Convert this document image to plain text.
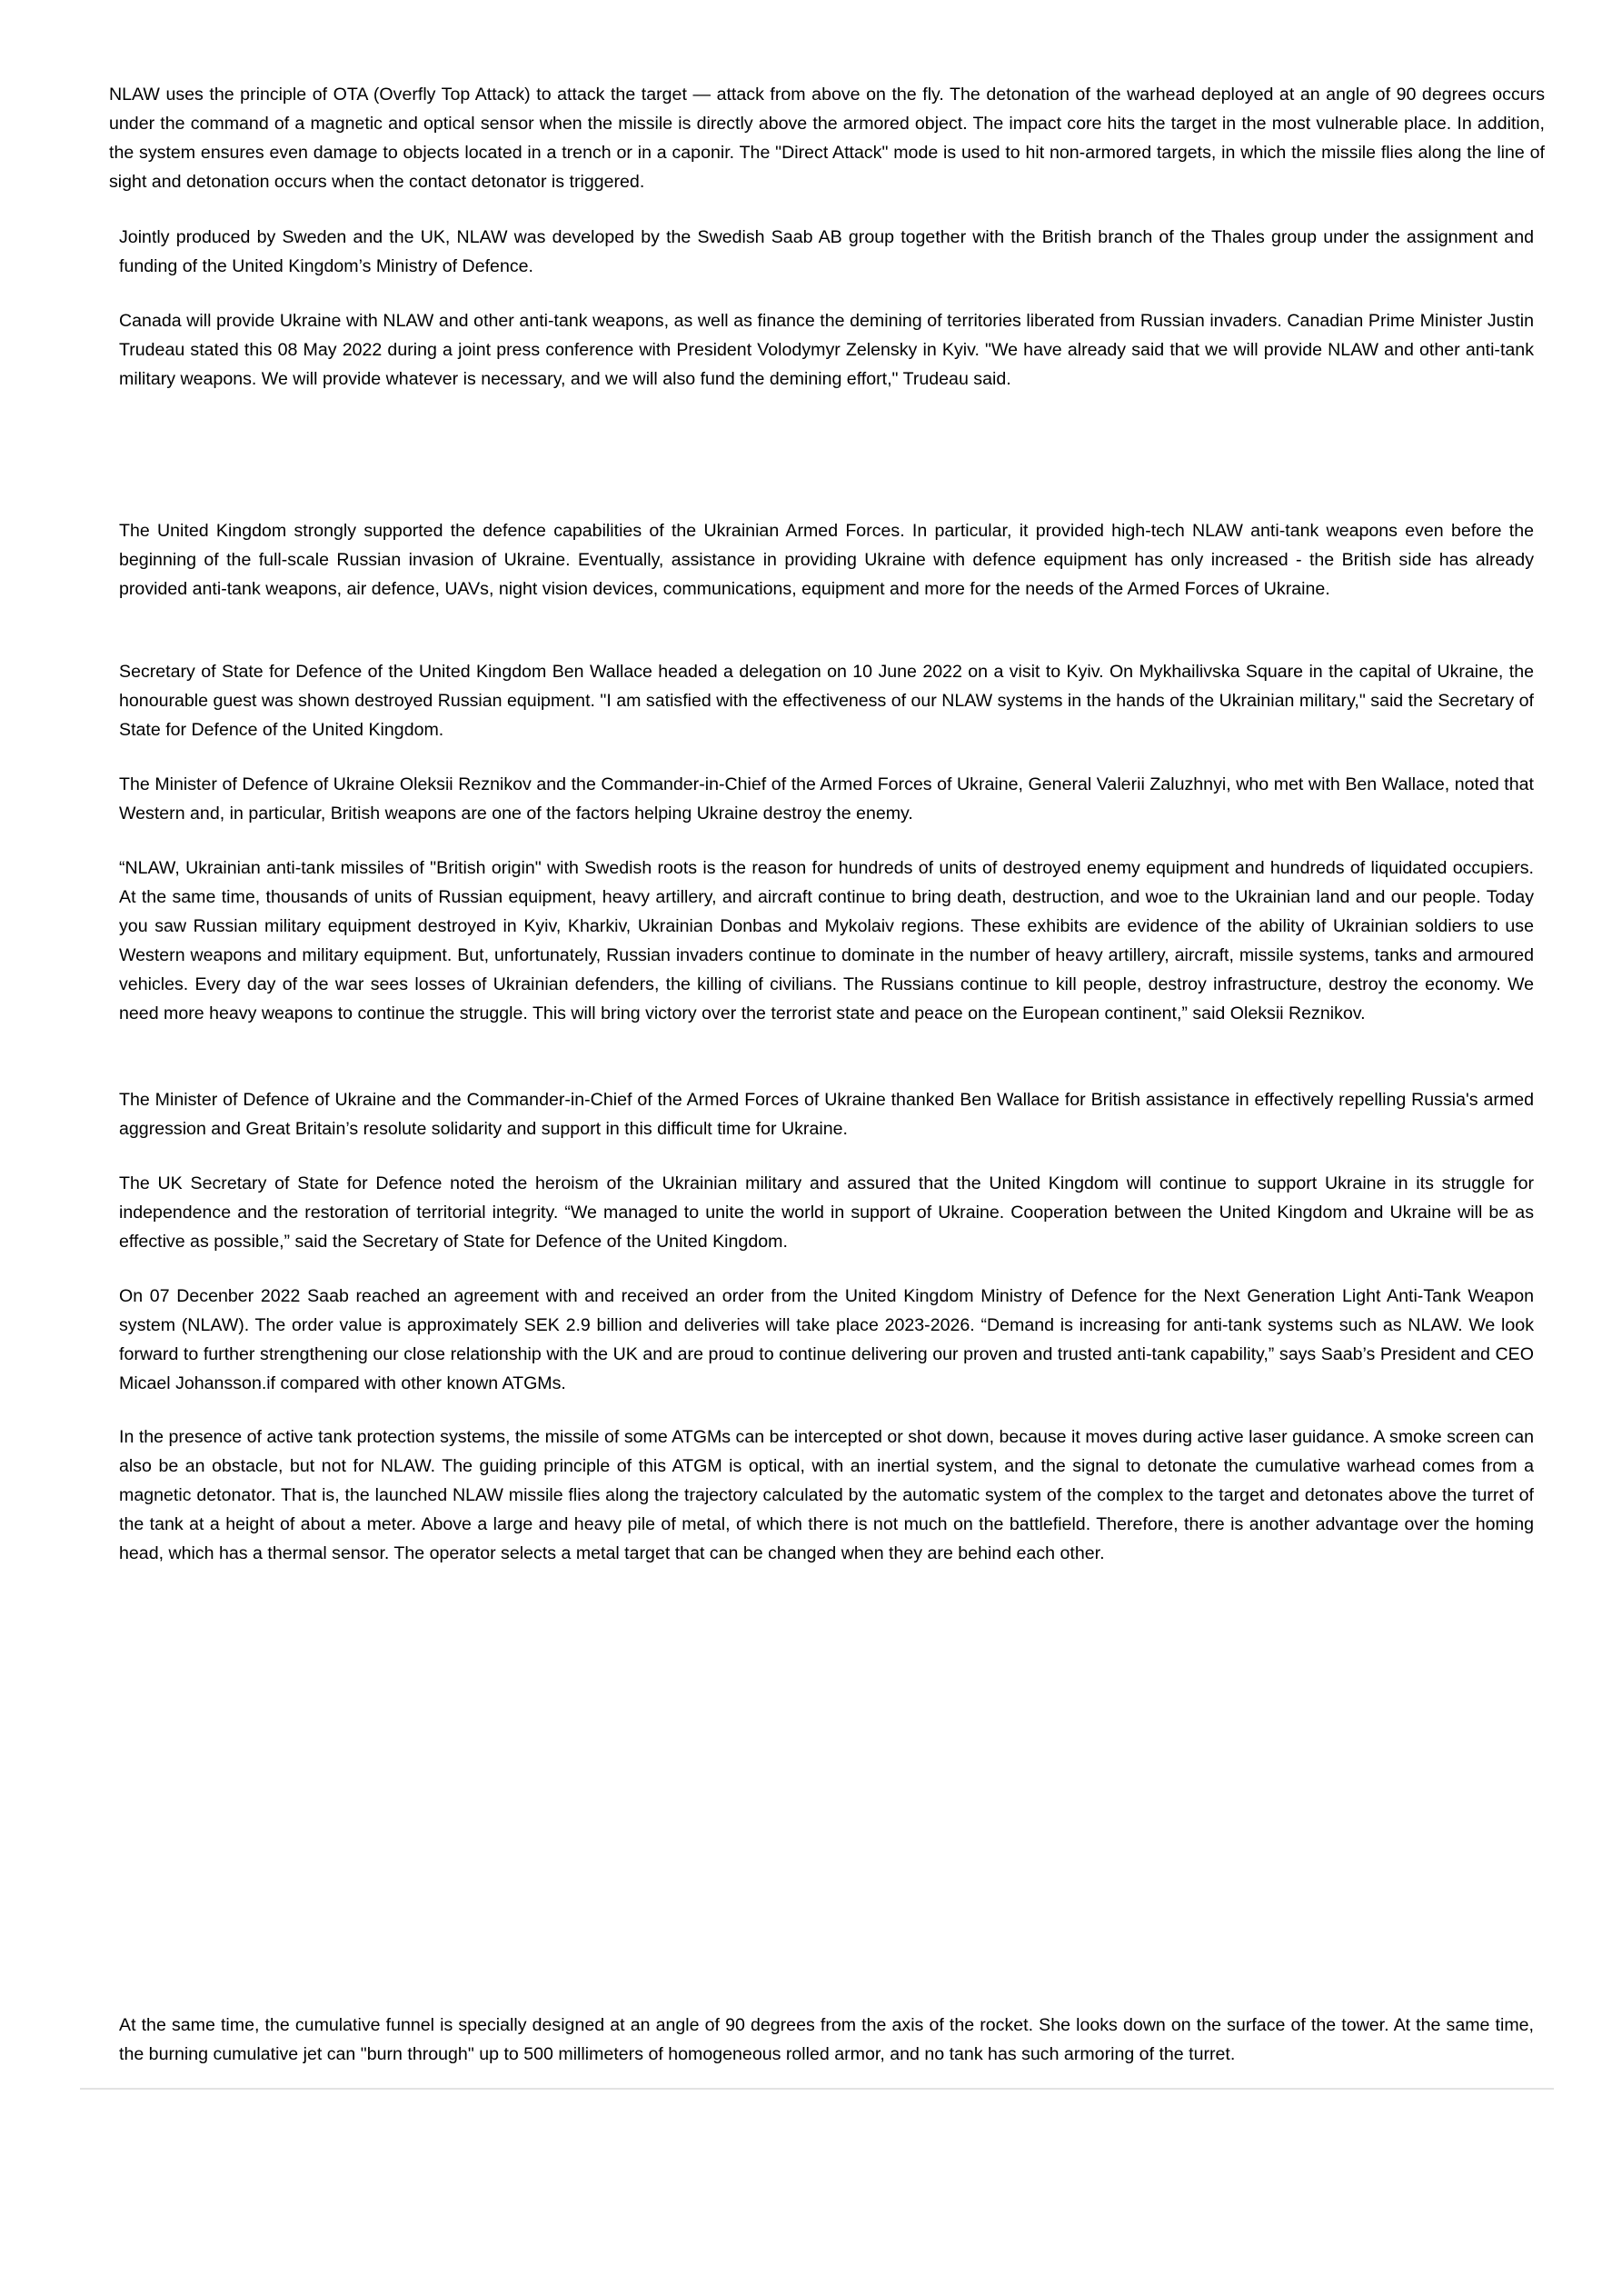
NLAW uses the principle of OTA (Overfly Top Attack) to attack the target — attack from above on the fly. The detonation of the warhead deployed at an angle of 90 degrees occurs under the command of a magnetic and optical sensor when the missile is directly above the armored object. The impact core hits the target in the most vulnerable place. In addition, the system ensures even damage to objects located in a trench or in a caponir. The "Direct Attack" mode is used to hit non-armored targets, in which the missile flies along the line of sight and detonation occurs when the contact detonator is triggered.

Jointly produced by Sweden and the UK, NLAW was developed by the Swedish Saab AB group together with the British branch of the Thales group under the assignment and funding of the United Kingdom’s Ministry of Defence.

Canada will provide Ukraine with NLAW and other anti-tank weapons, as well as finance the demining of territories liberated from Russian invaders. Canadian Prime Minister Justin Trudeau stated this 08 May 2022 during a joint press conference with President Volodymyr Zelensky in Kyiv. "We have already said that we will provide NLAW and other anti-tank military weapons. We will provide whatever is necessary, and we will also fund the demining effort," Trudeau said.

The United Kingdom strongly supported the defence capabilities of the Ukrainian Armed Forces. In particular, it provided high-tech NLAW anti-tank weapons even before the beginning of the full-scale Russian invasion of Ukraine. Eventually, assistance in providing Ukraine with defence equipment has only increased - the British side has already provided anti-tank weapons, air defence, UAVs, night vision devices, communications, equipment and more for the needs of the Armed Forces of Ukraine.

Secretary of State for Defence of the United Kingdom Ben Wallace headed a delegation on 10 June 2022 on a visit to Kyiv. On Mykhailivska Square in the capital of Ukraine, the honourable guest was shown destroyed Russian equipment. "I am satisfied with the effectiveness of our NLAW systems in the hands of the Ukrainian military," said the Secretary of State for Defence of the United Kingdom.

The Minister of Defence of Ukraine Oleksii Reznikov and the Commander-in-Chief of the Armed Forces of Ukraine, General Valerii Zaluzhnyi, who met with Ben Wallace, noted that Western and, in particular, British weapons are one of the factors helping Ukraine destroy the enemy.

“NLAW, Ukrainian anti-tank missiles of "British origin" with Swedish roots is the reason for hundreds of units of destroyed enemy equipment and hundreds of liquidated occupiers. At the same time, thousands of units of Russian equipment, heavy artillery, and aircraft continue to bring death, destruction, and woe to the Ukrainian land and our people. Today you saw Russian military equipment destroyed in Kyiv, Kharkiv, Ukrainian Donbas and Mykolaiv regions. These exhibits are evidence of the ability of Ukrainian soldiers to use Western weapons and military equipment. But, unfortunately, Russian invaders continue to dominate in the number of heavy artillery, aircraft, missile systems, tanks and armoured vehicles. Every day of the war sees losses of Ukrainian defenders, the killing of civilians. The Russians continue to kill people, destroy infrastructure, destroy the economy. We need more heavy weapons to continue the struggle. This will bring victory over the terrorist state and peace on the European continent,” said Oleksii Reznikov.

The Minister of Defence of Ukraine and the Commander-in-Chief of the Armed Forces of Ukraine thanked Ben Wallace for British assistance in effectively repelling Russia's armed aggression and Great Britain’s resolute solidarity and support in this difficult time for Ukraine.

The UK Secretary of State for Defence noted the heroism of the Ukrainian military and assured that the United Kingdom will continue to support Ukraine in its struggle for independence and the restoration of territorial integrity. “We managed to unite the world in support of Ukraine. Cooperation between the United Kingdom and Ukraine will be as effective as possible,” said the Secretary of State for Defence of the United Kingdom.

On 07 Decenber 2022 Saab reached an agreement with and received an order from the United Kingdom Ministry of Defence for the Next Generation Light Anti-Tank Weapon system (NLAW). The order value is approximately SEK 2.9 billion and deliveries will take place 2023-2026. “Demand is increasing for anti-tank systems such as NLAW. We look forward to further strengthening our close relationship with the UK and are proud to continue delivering our proven and trusted anti-tank capability,” says Saab’s President and CEO Micael Johansson.if compared with other known ATGMs.

In the presence of active tank protection systems, the missile of some ATGMs can be intercepted or shot down, because it moves during active laser guidance. A smoke screen can also be an obstacle, but not for NLAW. The guiding principle of this ATGM is optical, with an inertial system, and the signal to detonate the cumulative warhead comes from a magnetic detonator. That is, the launched NLAW missile flies along the trajectory calculated by the automatic system of the complex to the target and detonates above the turret of the tank at a height of about a meter. Above a large and heavy pile of metal, of which there is not much on the battlefield. Therefore, there is another advantage over the homing head, which has a thermal sensor. The operator selects a metal target that can be changed when they are behind each other.

At the same time, the cumulative funnel is specially designed at an angle of 90 degrees from the axis of the rocket. She looks down on the surface of the tower. At the same time, the burning cumulative jet can "burn through" up to 500 millimeters of homogeneous rolled armor, and no tank has such armoring of the turret.
